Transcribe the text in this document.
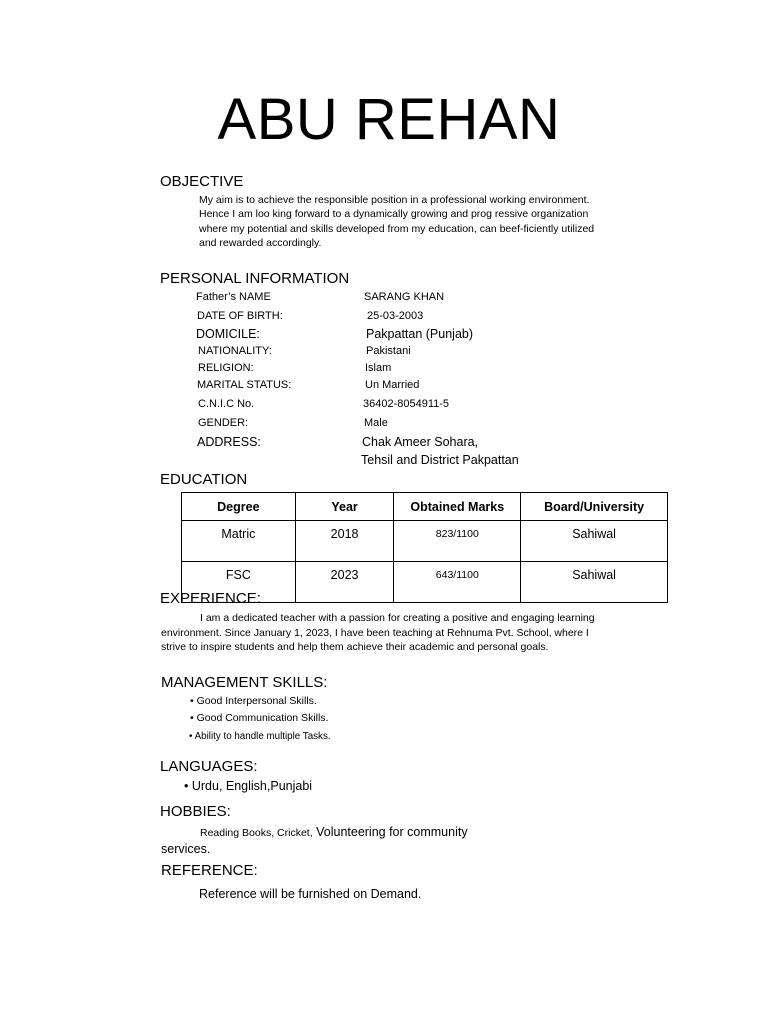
ABU REHAN
OBJECTIVE
My aim is to achieve the responsible position in a professional working environment.
Hence I am loo king forward to a dynamically growing and prog ressive organization
where my potential and skills developed from my education, can beef-ficiently utilized
and rewarded accordingly.
PERSONAL INFORMATION
Father’s NAME	SARANG KHAN
DATE OF BIRTH:	25-03-2003
DOMICILE:	Pakpattan (Punjab)
NATIONALITY:	Pakistani
RELIGION:	Islam
MARITAL STATUS:	Un Married
C.N.I.C No.	36402-8054911-5
GENDER:	Male
ADDRESS:	Chak Ameer Sohara,
Tehsil and District Pakpattan
EDUCATION
Degree	Year	Obtained Marks	Board/University
Matric	2018	823/1100	Sahiwal
FSC	2023	643/1100	Sahiwal
EXPERIENCE:
I am a dedicated teacher with a passion for creating a positive and engaging learning
environment. Since January 1, 2023, I have been teaching at Rehnuma Pvt. School, where I
strive to inspire students and help them achieve their academic and personal goals.
MANAGEMENT SKILLS:
• Good Interpersonal Skills.
• Good Communication Skills.
• Ability to handle multiple Tasks.
LANGUAGES:
• Urdu, English,Punjabi
HOBBIES:
Reading Books, Cricket, Volunteering for community
services.
REFERENCE:
Reference will be furnished on Demand.
